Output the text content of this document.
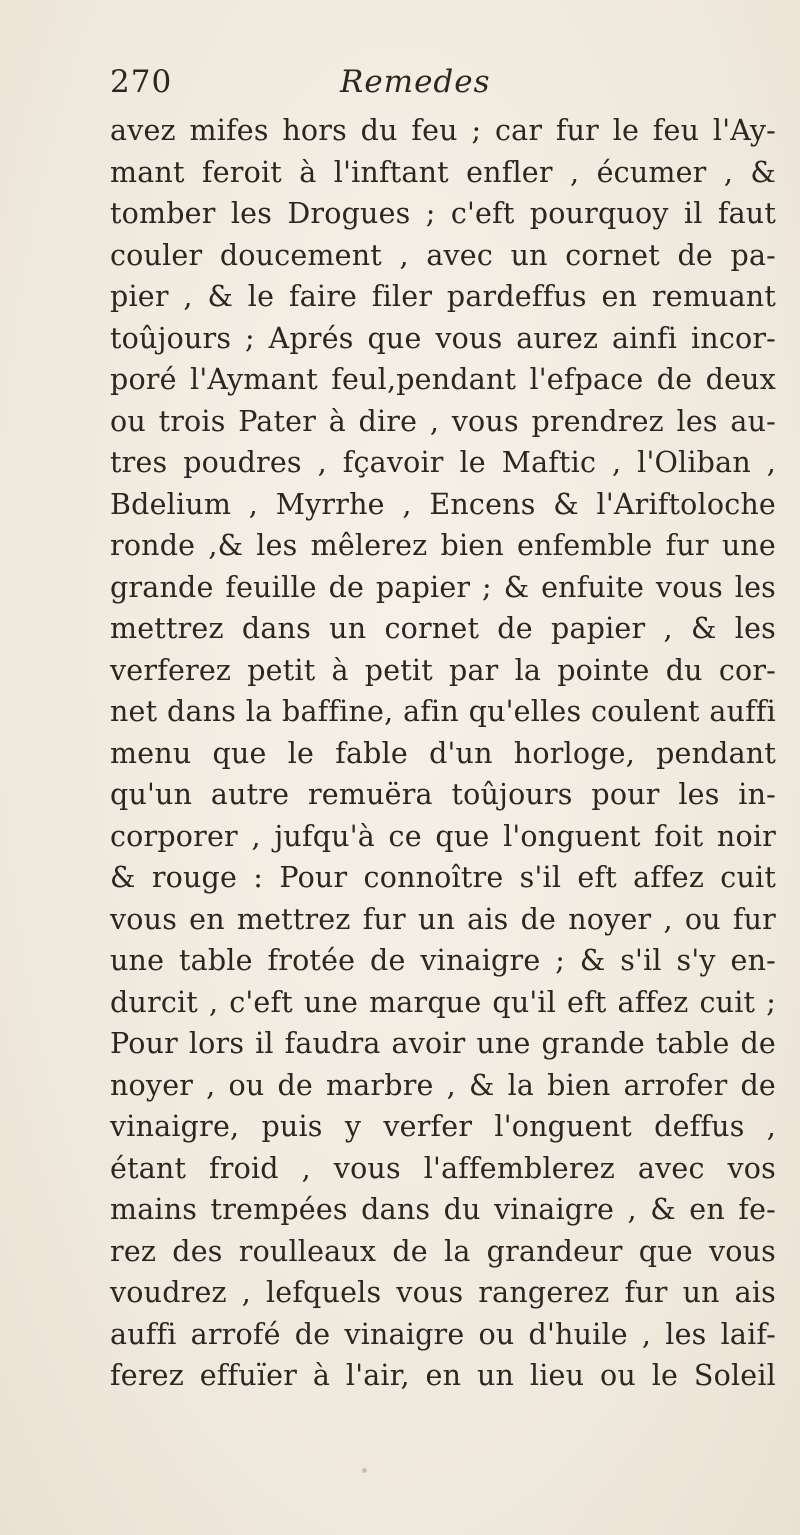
270	Remedes
avez mifes hors du feu ; car fur le feu l'Ay-
mant feroit à l'inftant enfler , écumer , &
tomber les Drogues ; c'eft pourquoy il faut
couler doucement , avec un cornet de pa-
pier , & le faire filer pardeffus en remuant
toûjours ; Aprés que vous aurez ainfi incor-
poré l'Aymant feul,pendant l'efpace de deux
ou trois Pater à dire , vous prendrez les au-
tres poudres , fçavoir le Maftic , l'Oliban ,
Bdelium , Myrrhe , Encens & l'Ariftoloche
ronde ,& les mêlerez bien enfemble fur une
grande feuille de papier ; & enfuite vous les
mettrez dans un cornet de papier , & les
verferez petit à petit par la pointe du cor-
net dans la baffine, afin qu'elles coulent auffi
menu que le fable d'un horloge, pendant
qu'un autre remuëra toûjours pour les in-
corporer , jufqu'à ce que l'onguent foit noir
& rouge : Pour connoître s'il eft affez cuit
vous en mettrez fur un ais de noyer , ou fur
une table frotée de vinaigre ; & s'il s'y en-
durcit , c'eft une marque qu'il eft affez cuit ;
Pour lors il faudra avoir une grande table de
noyer , ou de marbre , & la bien arrofer de
vinaigre, puis y verfer l'onguent deffus ,
étant froid , vous l'affemblerez avec vos
mains trempées dans du vinaigre , & en fe-
rez des roulleaux de la grandeur que vous
voudrez , lefquels vous rangerez fur un ais
auffi arrofé de vinaigre ou d'huile , les laif-
ferez effuïer à l'air, en un lieu ou le Soleil
